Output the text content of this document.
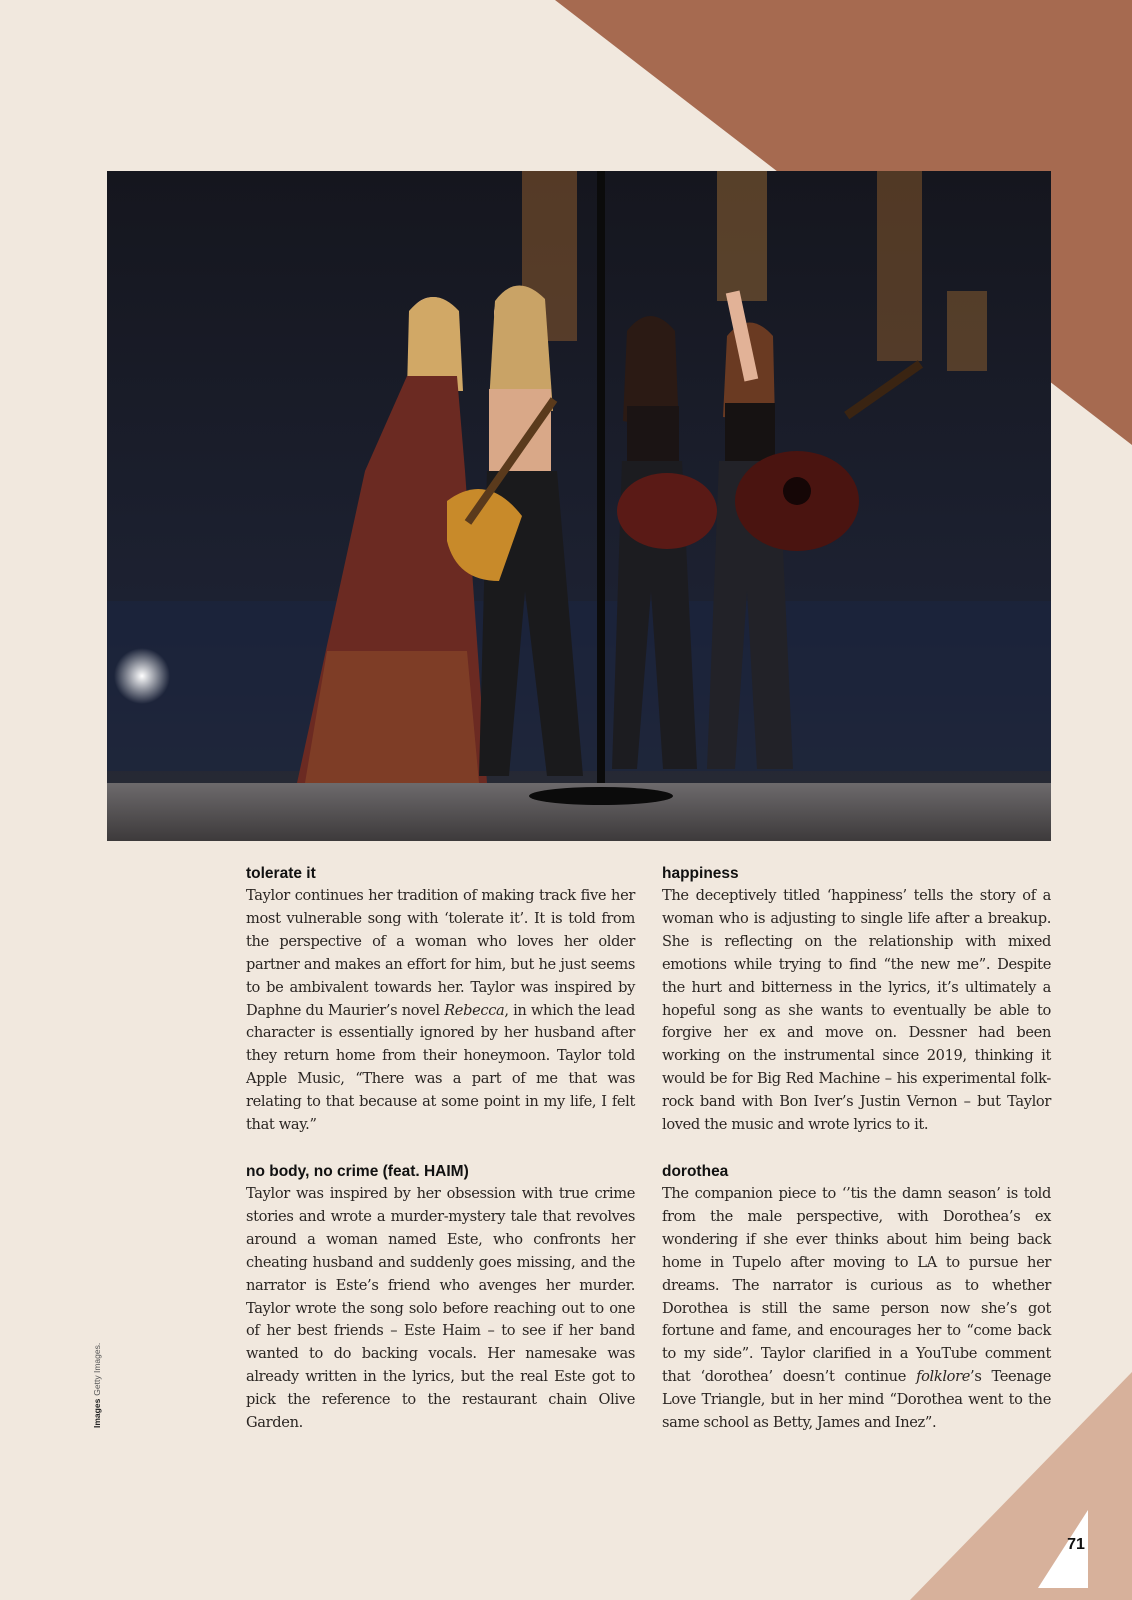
tolerate it

Taylor continues her tradition of making track five her most vulnerable song with ‘tolerate it’. It is told from the perspective of a woman who loves her older partner and makes an effort for him, but he just seems to be ambivalent towards her. Taylor was inspired by Daphne du Maurier’s novel Rebecca, in which the lead character is essentially ignored by her husband after they return home from their honeymoon. Taylor told Apple Music, “There was a part of me that was relating to that because at some point in my life, I felt that way.”

no body, no crime (feat. HAIM)

Taylor was inspired by her obsession with true crime stories and wrote a murder-mystery tale that revolves around a woman named Este, who confronts her cheating husband and suddenly goes missing, and the narrator is Este’s friend who avenges her murder. Taylor wrote the song solo before reaching out to one of her best friends – Este Haim – to see if her band wanted to do backing vocals. Her namesake was already written in the lyrics, but the real Este got to pick the reference to the restaurant chain Olive Garden.

happiness

The deceptively titled ‘happiness’ tells the story of a woman who is adjusting to single life after a breakup. She is reflecting on the relationship with mixed emotions while trying to find “the new me”. Despite the hurt and bitterness in the lyrics, it’s ultimately a hopeful song as she wants to eventually be able to forgive her ex and move on. Dessner had been working on the instrumental since 2019, thinking it would be for Big Red Machine – his experimental folk-rock band with Bon Iver’s Justin Vernon – but Taylor loved the music and wrote lyrics to it.

dorothea

The companion piece to ‘’tis the damn season’ is told from the male perspective, with Dorothea’s ex wondering if she ever thinks about him being back home in Tupelo after moving to LA to pursue her dreams. The narrator is curious as to whether Dorothea is still the same person now she’s got fortune and fame, and encourages her to “come back to my side”. Taylor clarified in a YouTube comment that ‘dorothea’ doesn’t continue folklore’s Teenage Love Triangle, but in her mind “Dorothea went to the same school as Betty, James and Inez”.

ImagesGetty Images.
71
